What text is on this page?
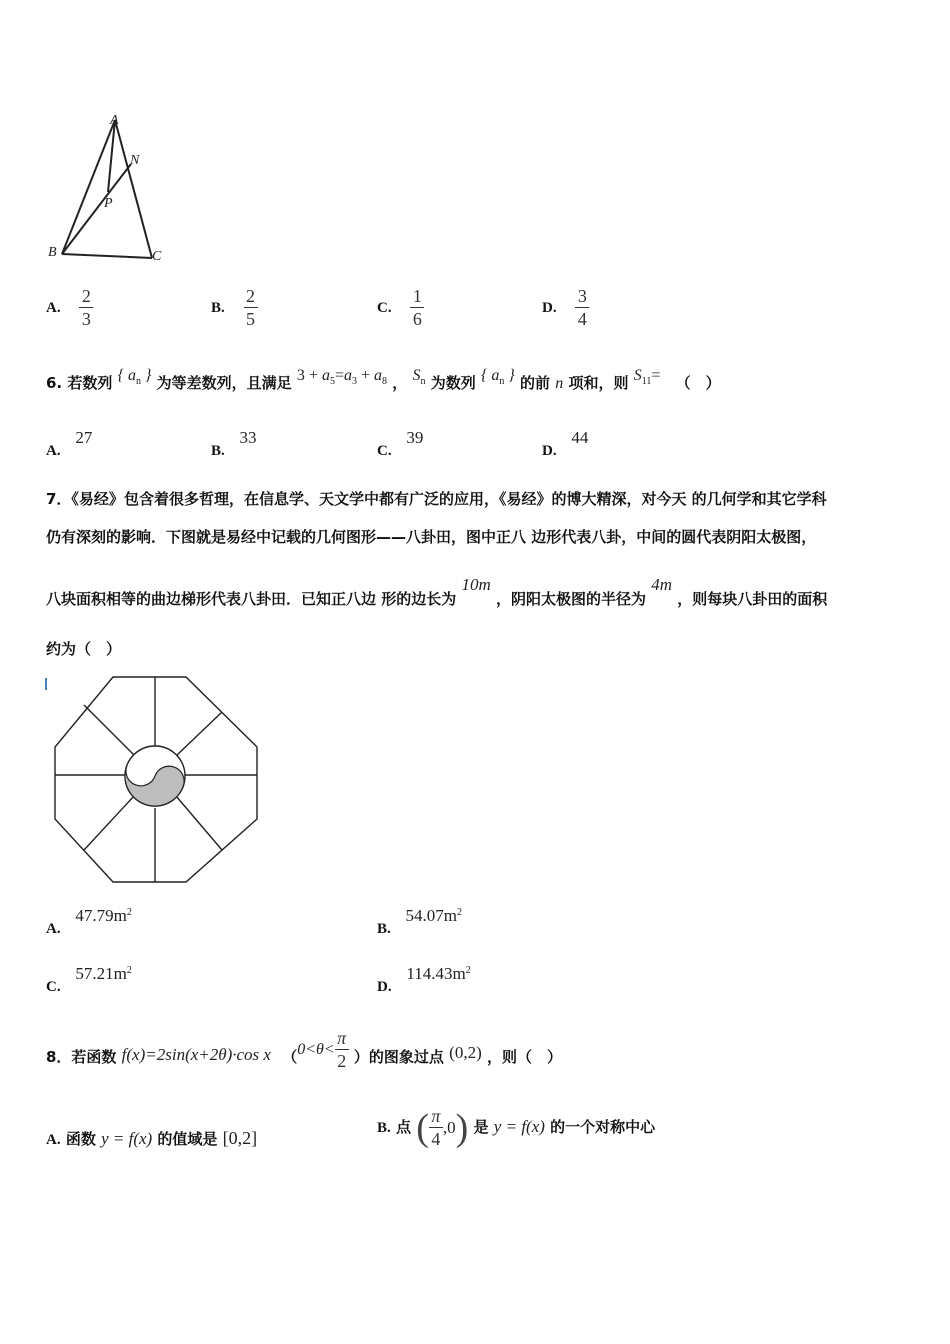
A
N
P
B	C
A. $\frac{2}{3}$	B. $\frac{2}{5}$	C. $\frac{1}{6}$	D. $\frac{3}{4}$
6. 若数列 { $a_n$ } 为等差数列，且满足 $3 + a_5=a_3 + a_8$ ， $S_n$ 为数列 { $a_n$ } 的前 n 项和，则 $S_{11}=$ （　）
A. 27
B. 33
C. 39
D. 44
7．《易经》包含着很多哲理，在信息学、天文学中都有广泛的应用，《易经》的博大精深，对今天 的几何学和其它学科
仍有深刻的影响．下图就是易经中记载的几何图形——八卦田，图中正八 边形代表八卦，中间的圆代表阴阳太极图，
八块面积相等的曲边梯形代表八卦田．已知正八边 形的边长为 10m ，阴阳太极图的半径为 4m ，则每块八卦田的面积
约为（　）
A. $47.79m^2$
B. $54.07m^2$
C. $57.21m^2$
D. $114.43m^2$
8．若函数 f(x)=2sin(x+2θ)·cos x （$0<\theta< \frac{\pi}{2}$ ）的图象过点 (0,2) ，则（　）
A. 函数 y = f(x) 的值域是 [0,2]	B. 点 ( $\frac{\pi}{4} ,0$ ) 是 y = f(x) 的一个对称中心
